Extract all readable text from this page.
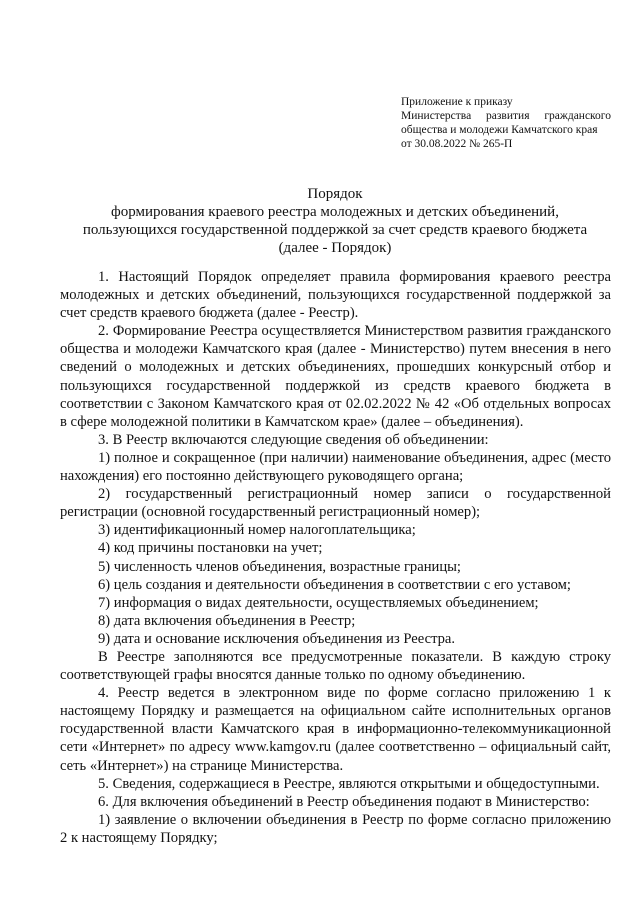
Приложение к приказу
Министерства развития гражданского
общества и молодежи Камчатского края
от 30.08.2022 № 265-П
Порядок
формирования краевого реестра молодежных и детских объединений,
пользующихся государственной поддержкой за счет средств краевого бюджета
(далее - Порядок)

1. Настоящий Порядок определяет правила формирования краевого реестра молодежных и детских объединений, пользующихся государственной поддержкой за счет средств краевого бюджета (далее - Реестр).

2. Формирование Реестра осуществляется Министерством развития гражданского общества и молодежи Камчатского края (далее - Министерство) путем внесения в него сведений о молодежных и детских объединениях, прошедших конкурсный отбор и пользующихся государственной поддержкой из средств краевого бюджета в соответствии с Законом Камчатского края от 02.02.2022 № 42 «Об отдельных вопросах в сфере молодежной политики в Камчатском крае» (далее – объединения).

3. В Реестр включаются следующие сведения об объединении:

1) полное и сокращенное (при наличии) наименование объединения, адрес (место нахождения) его постоянно действующего руководящего органа;

2) государственный регистрационный номер записи о государственной регистрации (основной государственный регистрационный номер);

3) идентификационный номер налогоплательщика;

4) код причины постановки на учет;

5) численность членов объединения, возрастные границы;

6) цель создания и деятельности объединения в соответствии с его уставом;

7) информация о видах деятельности, осуществляемых объединением;

8) дата включения объединения в Реестр;

9) дата и основание исключения объединения из Реестра.

В Реестре заполняются все предусмотренные показатели. В каждую строку соответствующей графы вносятся данные только по одному объединению.

4. Реестр ведется в электронном виде по форме согласно приложению 1 к настоящему Порядку и размещается на официальном сайте исполнительных органов государственной власти Камчатского края в информационно-телекоммуникационной сети «Интернет» по адресу www.kamgov.ru (далее соответственно – официальный сайт, сеть «Интернет») на странице Министерства.

5. Сведения, содержащиеся в Реестре, являются открытыми и общедоступными.

6. Для включения объединений в Реестр объединения подают в Министерство:

1) заявление о включении объединения в Реестр по форме согласно приложению 2 к настоящему Порядку;
